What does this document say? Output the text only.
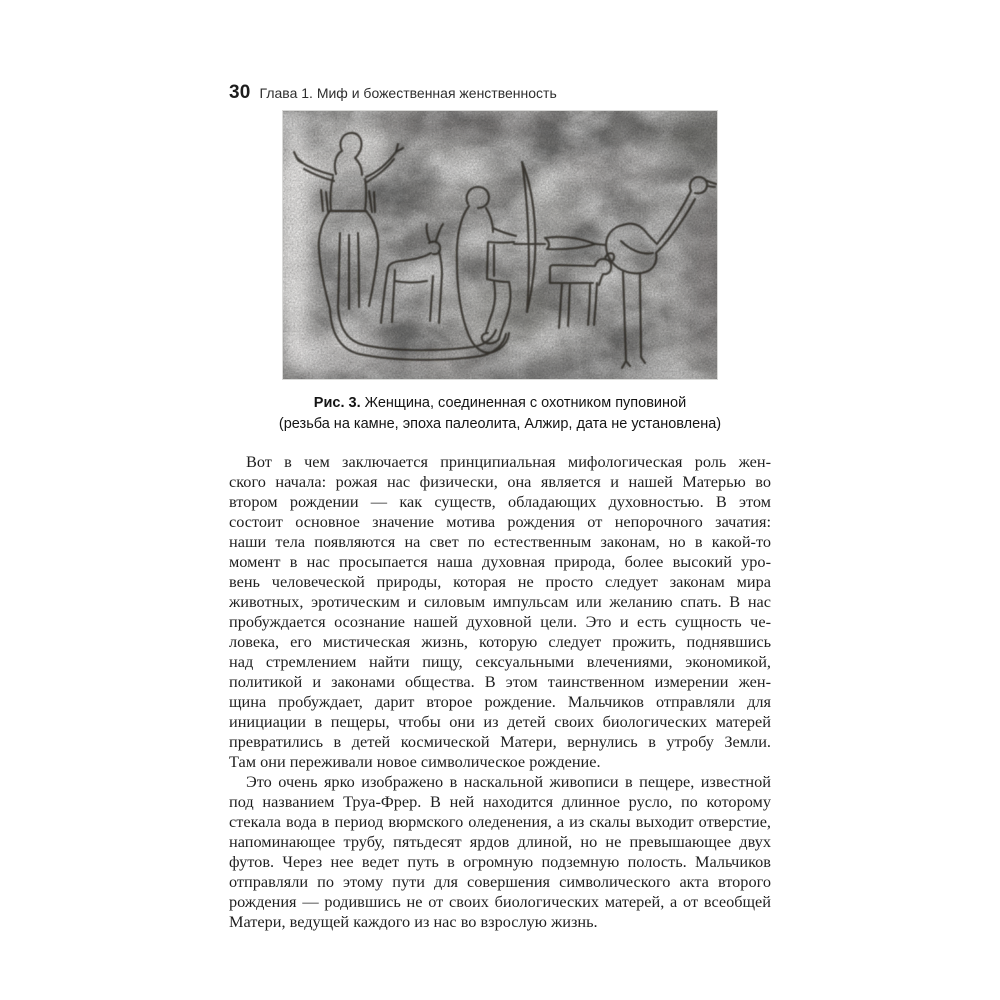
30 Глава 1. Миф и божественная женственность
Рис. 3. Женщина, соединенная с охотником пуповиной
(резьба на камне, эпоха палеолита, Алжир, дата не установлена)
Вот в чем заключается принципиальная мифологическая роль жен-
ского начала: рожая нас физически, она является и нашей Матерью во
втором рождении — как существ, обладающих духовностью. В этом
состоит основное значение мотива рождения от непорочного зачатия:
наши тела появляются на свет по естественным законам, но в какой-то
момент в нас просыпается наша духовная природа, более высокий уро-
вень человеческой природы, которая не просто следует законам мира
животных, эротическим и силовым импульсам или желанию спать. В нас
пробуждается осознание нашей духовной цели. Это и есть сущность че-
ловека, его мистическая жизнь, которую следует прожить, поднявшись
над стремлением найти пищу, сексуальными влечениями, экономикой,
политикой и законами общества. В этом таинственном измерении жен-
щина пробуждает, дарит второе рождение. Мальчиков отправляли для
инициации в пещеры, чтобы они из детей своих биологических матерей
превратились в детей космической Матери, вернулись в утробу Земли.
Там они переживали новое символическое рождение.
Это очень ярко изображено в наскальной живописи в пещере, известной
под названием Труа-Фрер. В ней находится длинное русло, по которому
стекала вода в период вюрмского оледенения, а из скалы выходит отверстие,
напоминающее трубу, пятьдесят ярдов длиной, но не превышающее двух
футов. Через нее ведет путь в огромную подземную полость. Мальчиков
отправляли по этому пути для совершения символического акта второго
рождения — родившись не от своих биологических матерей, а от всеобщей
Матери, ведущей каждого из нас во взрослую жизнь.
